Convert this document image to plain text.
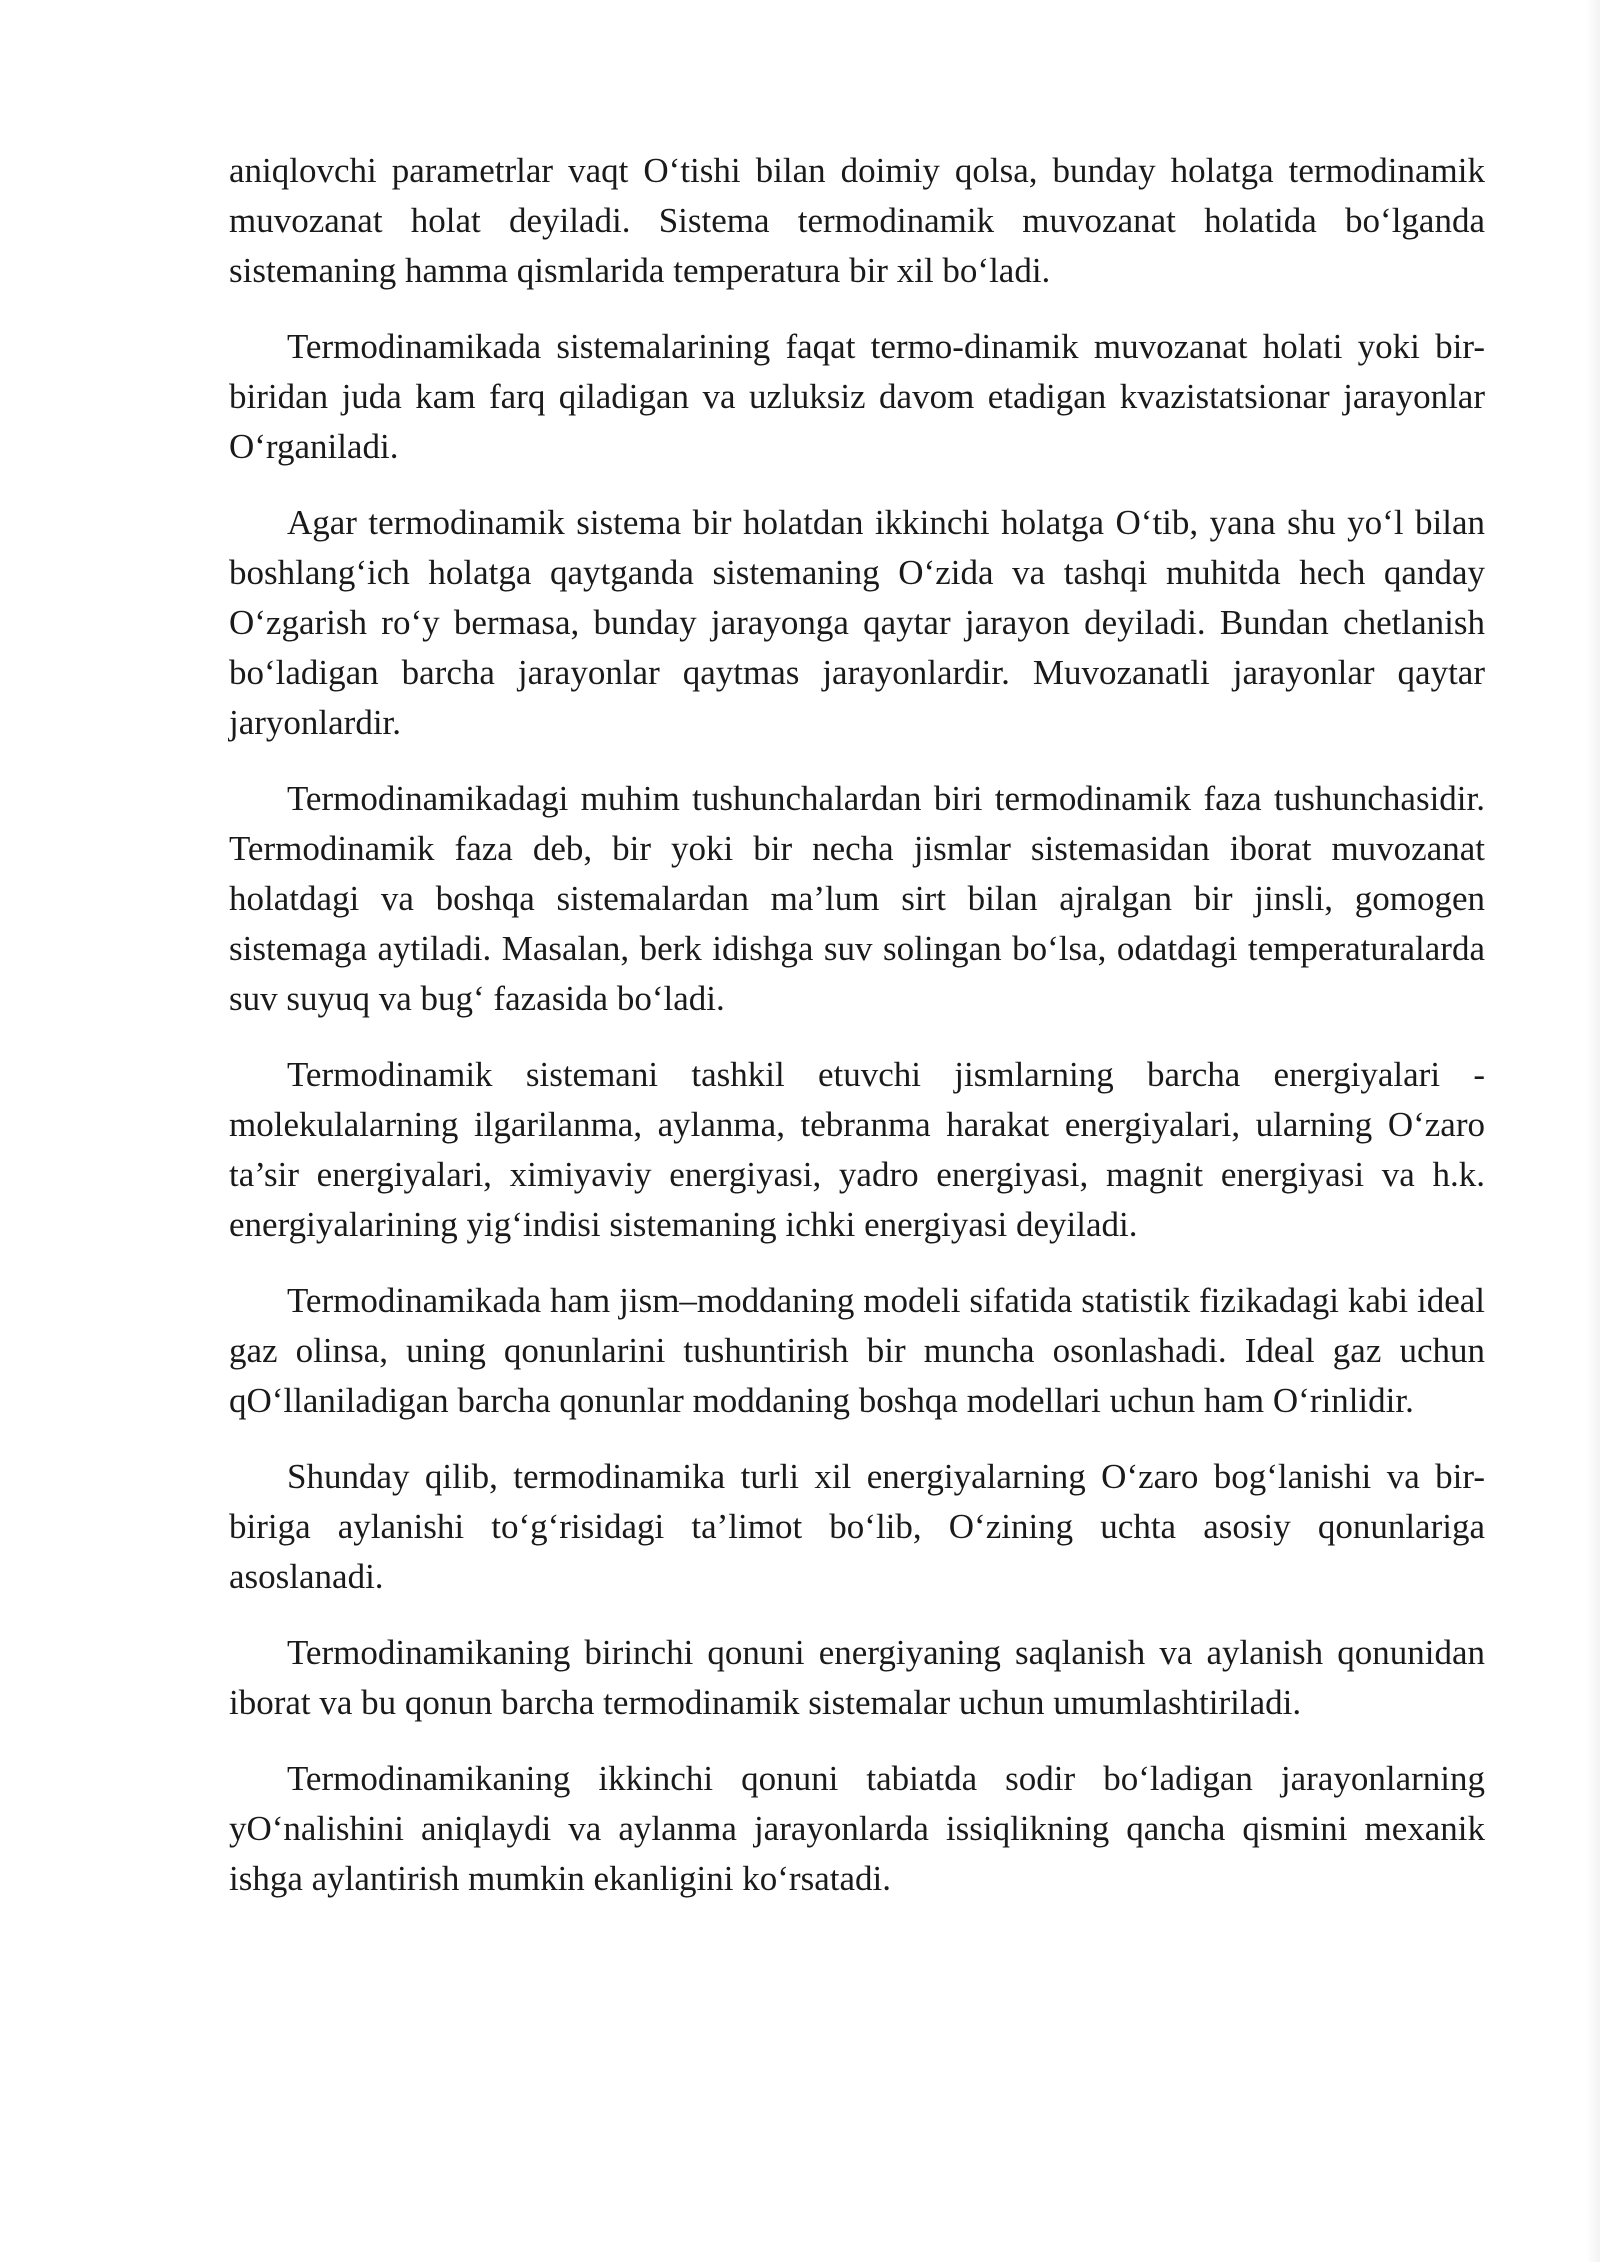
aniqlovchi parametrlar vaqt O‘tishi bilan doimiy qolsa, bunday holatga termodinamik muvozanat holat deyiladi. Sistema termodinamik muvozanat holatida bo‘lganda sistemaning hamma qismlarida temperatura bir xil bo‘ladi.

Termodinamikada sistemalarining faqat termo-dinamik muvozanat holati yoki bir-biridan juda kam farq qiladigan va uzluksiz davom etadigan kvazistatsionar jarayonlar O‘rganiladi.

Agar termodinamik sistema bir holatdan ikkinchi holatga O‘tib, yana shu yo‘l bilan boshlang‘ich holatga qaytganda sistemaning O‘zida va tashqi muhitda hech qanday O‘zgarish ro‘y bermasa, bunday jarayonga qaytar jarayon deyiladi. Bundan chetlanish bo‘ladigan barcha jarayonlar qaytmas jarayonlardir. Muvozanatli jarayonlar qaytar jaryonlardir.

Termodinamikadagi muhim tushunchalardan biri termodinamik faza tushunchasidir. Termodinamik faza deb, bir yoki bir necha jismlar sistemasidan iborat muvozanat holatdagi va boshqa sistemalardan ma’lum sirt bilan ajralgan bir jinsli, gomogen sistemaga aytiladi. Masalan, berk idishga suv solingan bo‘lsa, odatdagi temperaturalarda suv suyuq va bug‘ fazasida bo‘ladi.

Termodinamik sistemani tashkil etuvchi jismlarning barcha energiyalari - molekulalarning ilgarilanma, aylanma, tebranma harakat energiyalari, ularning O‘zaro ta’sir energiyalari, ximiyaviy energiyasi, yadro energiyasi, magnit energiyasi va h.k. energiyalarining yig‘indisi sistemaning ichki energiyasi deyiladi.

Termodinamikada ham jism–moddaning modeli sifatida statistik fizikadagi kabi ideal gaz olinsa, uning qonunlarini tushuntirish bir muncha osonlashadi. Ideal gaz uchun qO‘llaniladigan barcha qonunlar moddaning boshqa modellari uchun ham O‘rinlidir.

Shunday qilib, termodinamika turli xil energiyalarning O‘zaro bog‘lanishi va bir-biriga aylanishi to‘g‘risidagi ta’limot bo‘lib, O‘zining uchta asosiy qonunlariga asoslanadi.

Termodinamikaning birinchi qonuni energiyaning saqlanish va aylanish qonunidan iborat va bu qonun barcha termodinamik sistemalar uchun umumlashtiriladi.

Termodinamikaning ikkinchi qonuni tabiatda sodir bo‘ladigan jarayonlarning yO‘nalishini aniqlaydi va aylanma jarayonlarda issiqlikning qancha qismini mexanik ishga aylantirish mumkin ekanligini ko‘rsatadi.
